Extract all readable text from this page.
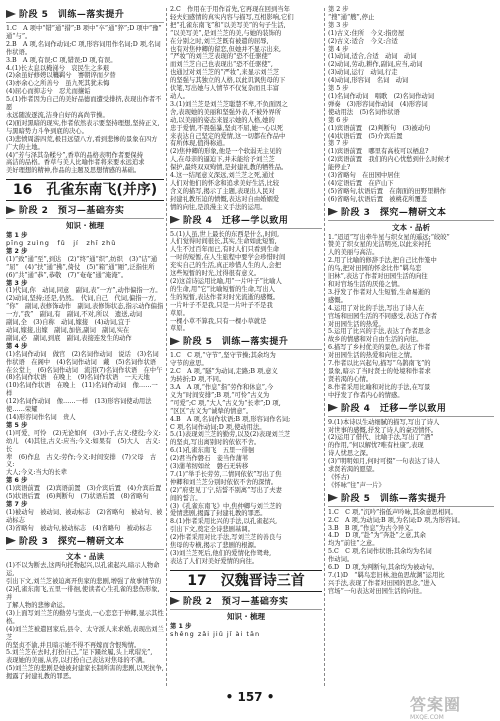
阶段 5　训练—落实提升
1.C　A 项中“错”通“措”;B 项中“卒”通“猝”;D 项中“豫”
通“与”。
2.B　A 项,名词作动词;C 项,形容词用作名词;D 项,名词作状语。
3.B　A 项,有误;C 项,错误;D 项,有误。
4.(1)长太息以掩涕兮　哀民生之多艰
(2)余虽好修姱以鞿羁兮　謇朝谇而夕替
(3)亦余心之所善兮　虽九死其犹未悔
(4)屈心而抑志兮　忍尤而攘诟
5.(1)作者因为自己的美好品德而遭受排挤,表现出作者不愿
永远随波逐流,洁身自好的高尚节操。
(2)面对黑暗的现实,作者依然表示要坚持理想,坚持正义,
与黑暗势力斗争到底的决心。
(3)悲愤周游四荒,极目远望八方,看到悲惨的景象在四方
广大的土地。
(4)“芳与泽其杂糅兮”,香草的品格表明作者要保持
高洁的品格。香草与美人比喻作者将来要永远追求
美好理想的精神,作品的主题及思想情感的基础。
16　孔雀东南飞(并序)
阶段 2　预习—基础夯实
知识 · 梳理
第 1 步
pīng zuìng　fǔ　jí　zhī zhǔ
第 2 步
(1)“致”通“至”,到达　(2)“终”通“织”,纺织　(3)“诘”通
“屈”　(4)“扶”通“拂”,倚仗　(5)“箱”通“厢”,泛指住所
(6)“共”通“恭”,恭敬　(7)“奄奄”通“淹淹”。
第 3 步
(1)代词,你　动词,同意　副词,表“一方”,动作偏指一方。
(2)动词,坚持;还是,仍然。　代词,自己　代词,偏指一方,
“你”　副词,表修饰动作　副词,表修饰状态,指示动作偏指
一方,“我”　副词,有　副词,不对,所以　遗送,动词
副词,全　(3)自称　动词,嫁接　(4)动词,宜于
动词,嫁接,出嫁　副词,加倍,副词　副词,实在
副词,必　副词,到底　副词,表接连发生的动作
第 4 步
(1)名词作动词　做官　(2)名词作动词　说话　(3)名词
作状语　在阁中　(4)名词作动词　戴　(5)名词作状语
在公堂上　(6)名词作动词　流泪(7)名词作状语　在中午
(8)名词作状语　在晚上　(9)名词作状语　一天天地
(10)名词作状语　在晚上　(11)名词作动词　像……一样
(12)名词作动词　像……一样　(13)形容词使动用法　使……荣耀
(14)形容词作名词　贵人
第 5 步
(1)可爱、可怜　(2)无论如何　(3)小子,古义:使役;今义:
幼儿　(4)其往,古义:应当;今义:如果有　(5)大人　古义:长
辈　(6)作息　古义:劳作;今义:时间安排　(7)父母　古义:
大人;今义:当大的长辈
第 6 步
(1)宾语前置　(2)宾语前置　(3)介宾后置　(4)介宾后置
(5)状语后置　(6)判断句　(7)状语后置　(8)省略句
第 7 步
(1)被动句　被动词、被动标志　(2)省略句　被动句、被动标志
(3)省略句　被动句,被动标志　(4)省略句　被动标志
阶段 3　探究—精研文本
文本 · 品读
(1)不以为断去,这两句托物起兴,以孔雀起兴,暗示人物命运,
引出下文,刘兰芝被迫离开焦家的悲剧,增强了故事情节的
(2)孔雀东南飞,五里一徘徊,使读者心生孔雀的悲伤形象,并
了解人物的悲惨命运。
(3)上面写刘兰芝的勤劳与坚贞,一心恋恋于仲卿,显示其性格。
(4)刘兰芝被遣回家后,县令、太守派人来求婚,表现出刘兰芝
的坚贞不渝,并且暗示她不得不再嫁而含恨殉情。
5.刘兰芝在去时,打扮自己,“足下蹑丝履,头上玳瑁光”,
表现她的美丽,从容,以打扮自己表达对焦母的不满。
(5)刘兰芝的悲剧是她被封建家长制所害的悲剧,以死抗争,
揭露了封建礼教的罪恶。
2.C　作用在于用作首先,它再现在回到当年
轻夫妇感情的真实内容与描写,互相影响,它们
把“孔雀东南飞”和“以美写美”的句子生活,
“以美写美”,是刘兰芝的美,与她的装饰的
在分别之时,刘兰芝既有被遣的屈辱,
也有对焦仲卿的留恋,但她并不显示出来,
“严妆”的刘兰芝表现的“恐不任驱使”
而刘兰芝自己也表现出“恐不任驱使”,
也通过对刘兰芝的“严妆”,来显示刘兰芝
的坚强与其独立的人格,以此讥讽焦母的下
伏笔,写出她与人情节不仅复杂而且丰富
动人。
3.(1)刘兰芝是刘兰芝聪慧不卑,不负面固之
舍,表现她的美丽和坚强外表,不被外界所
动,以美丽的姿态来显示她的人格,她的
忠于爱情,不畏强暴,坚贞不屈,她一心以死
来表达自己坚定的爱情,这一切都在作品中
有所体现,值得称道。
(2)焦仲卿的形象,他是一个软弱无主见的
人,在母亲的逼迫下,并未能给予刘兰芝
保护,最终双双殉情,是封建礼教的牺牲品。
4.这一结尾意义深远,刘兰芝之死,通过
人们对他们的怀念和追求美好生活,比较
含义的描写,揭示了主题,表现出人民对
封建礼教压迫的愤慨,表达对自由婚姻爱
情的向往,是浪漫主义手法的运用。
阶段 4　迁移—学以致用
5.(1)人虽,世上最长的东西是什么,时间,
人们觉得时间很长,其实,生命如此短暂,
人生不过百年而已,有时人们只看到生命
一时的短暂,在人生旅程中要学会珍惜时间
充实自己的生活,真正珍惜人生的人,会把
这些短暂的时光,过得很有意义。
(2)这首诗运用比喻,用“一片叶子”比喻人
的生命,用“它”比喻短暂的生命,写出人
生的短暂,表达作者对时光流逝的感慨。
一片叶子不是我,只是一片叶子不是我
草原。
一棵小草不算我,只有一棵小草就是
草原。
阶段 5　训练—落实提升
1.C　C 项,“守节”,坚守节操;其余均为
守节的意思。
2.C　A 项,“隧”为动词,走路;B 项,意义
为转折;D 项,不同。
3.A　A 项,“作息”指“劳作和休息”,今
义为“时间安排”;B 项,“可怜”古义为
“可爱”;C 项,“大人”古义为“长辈”;D 项,
“区区”古义为“诚挚的情意”。
4.B　A 项,名词作状语;B 项,形容词作名词;
C 项,名词作动词;D 项,使动用法。
5.(1)表现刘兰芝的勤劳,以及(2)表现刘兰芝
的坚贞,写出离别时的依依不舍。
6.(1)孔雀东南飞　五里一徘徊
(2)君当作磐石　妾当作蒲苇
(3)蒲苇纫如丝　磐石无转移
7.(1)“举手长劳劳,二情同依依”写出了焦
仲卿和刘兰芝分别时依依不舍的深情。
(2)“府吏见丁宁,结誓不别离”写出了夫妻
间的誓言。
(3)《孔雀东南飞》中,焦仲卿与刘兰芝的
爱情悲剧,揭露了封建礼教的罪恶。
8.(1)作者采用比兴的手法,以孔雀起兴,
引出下文,奠定全诗悲剧基调。
(2)作者采用对比手法,写刘兰芝的善良与
焦母的专横,揭示了悲剧的根源。
(3)刘兰芝死后,他们的爱情化作鸳鸯,
表达了人们对美好爱情的向往。
17　汉魏晋诗三首
阶段 2　预习—基础夯实
知识 · 梳理
第 1 步
shěng zǎi jiǔ jǐ ài tān
第 2 步
“搜”通“艘”,停止
第 3 步
(1)古义:住所　今义:指房屋
(2)古义:适合　今义:合适
第 4 步
(1)动词,适合,合适　动词　动词
(2)动词,劳动,耕作,副词,应当,动词
(3)动词,运行　动词,行走
(4)动词,形容词　名词　动词
第 5 步
(1)名词作动词　唱歌　(2)名词作动词
弹奏　(3)形容词作动词　(4)形容词
使动用法　(5)名词作状语
第 6 步
(1)宾语前置　(2)判断句　(3)被动句
(4)状语后置　(5)介宾后置
第 7 步
(1)宾语前置　哪里有高枝可以栖息?
(2)宾语前置　我们的内心忧愁到什么时候才
能停止?
(3)省略句　在田园中居住
(4)定语后置　在庐山下
(5)省略句,状语后置　在南面的田野里耕作
(6)省略句,状语后置　被桃花所覆盖
阶段 3　探究—精研文本
文本 · 品析
1.“迢迢”写出牵牛星与织女星的遥远;“皎皎”
赞美了织女星的光洁明亮,以此来衬托
人的美丽与高洁。
2.用了比喻的修辞手法,把自己比作笼中
的鸟,把对田园的怀念比作“羁鸟恋
旧林”,表达了作者对田园生活的向往
和对官场生活的厌倦之情。
3.抒发了作者对人生短暂,生命易逝的
感慨。
4.运用了对比的手法,写出了诗人在
官场和田园生活的不同感受,表达了作者
对田园生活的热爱。
5.运用了比兴的手法,表达了作者思念
故乡的情感和对自由生活的向往。
6.描写了乡村优美的景色,表达了作者
对田园生活的热爱和向往之情。
7.作者以比兴起句,描写“乌鹊南飞”的
景象,暗示了当时贤士的处境和作者求
贤若渴的心情。
8.作者采用比喻和对比的手法,在写景
中抒发了作者内心的情感。
阶段 4　迁移—学以致用
9.(1)本诗以生动细腻的描写,写出了诗人
对世事的感慨,抒发了诗人的豪迈情怀。
(2)运用了借代、比喻手法,写出了“酒”
的作用,“何以解忧?唯有杜康”,表现
诗人忧思之深。
(3)“明明如月,何时可掇”一句表达了诗人
求贤若渴的愿望。
《怀古)
《怀咏“往”声一片》
阶段 5　训练—落实提升
1.C　C 项,“沉吟”指低声吟咏,其余意思相同。
2.C　A 项,为动词;B 项,为名词;D 项,为形容词。
3.B　B 项,“作息”为古今异义。
4.D　D 项,“赴”为“奔赴”之意,其余
均为“前往”之意。
5.C　C 项,名词作状语;其余均为名词
作动词。
6.D　D 项,为判断句,其余均为被动句。
7.(1)D　“羁鸟恋旧林,池鱼思故渊”运用比
兴手法,表现了作者对田园的思念,“进入
官场”一句表达对田园生活的向往。
• 157 •	答案圈
MXQE.COM
